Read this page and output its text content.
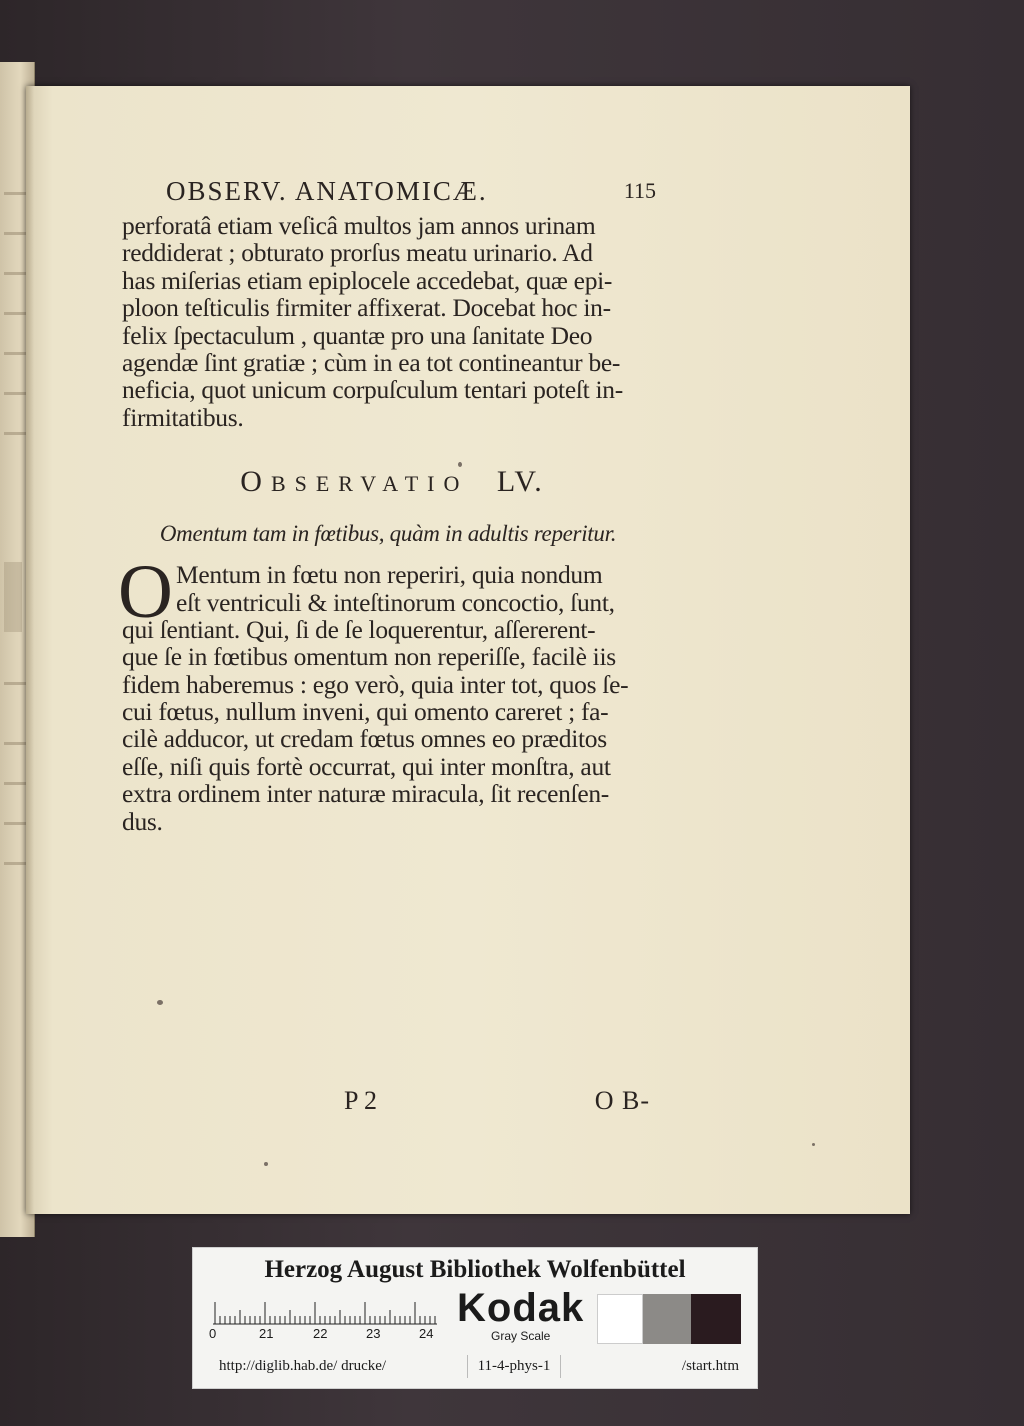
OBSERV. ANATOMICÆ.	115
perforatâ etiam veſicâ multos jam annos urinam
reddiderat ; obturato prorſus meatu urinario. Ad
has miſerias etiam epiplocele accedebat, quæ epi-
ploon teſticulis firmiter affixerat. Docebat hoc in-
felix ſpectaculum , quantæ pro una ſanitate Deo
agendæ ſint gratiæ ; cùm in ea tot contineantur be-
neficia, quot unicum corpuſculum tentari poteſt in-
firmitatibus.
OBSERVATIO LV.
Omentum tam in fœtibus, quàm in adultis reperitur.
O Mentum in fœtu non reperiri, quia nondum
eſt ventriculi & inteſtinorum concoctio, ſunt,
qui ſentiant. Qui, ſi de ſe loquerentur, aſſererent-
que ſe in fœtibus omentum non reperiſſe, facilè iis
fidem haberemus : ego verò, quia inter tot, quos ſe-
cui fœtus, nullum inveni, qui omento careret ; fa-
cilè adducor, ut credam fœtus omnes eo præditos
eſſe, niſi quis fortè occurrat, qui inter monſtra, aut
extra ordinem inter naturæ miracula, ſit recenſen-
dus.
P 2	O B-
Herzog August Bibliothek Wolfenbüttel
0	21	22	23	24
Kodak
Gray Scale
http://diglib.hab.de/ drucke/	11-4-phys-1	/start.htm
